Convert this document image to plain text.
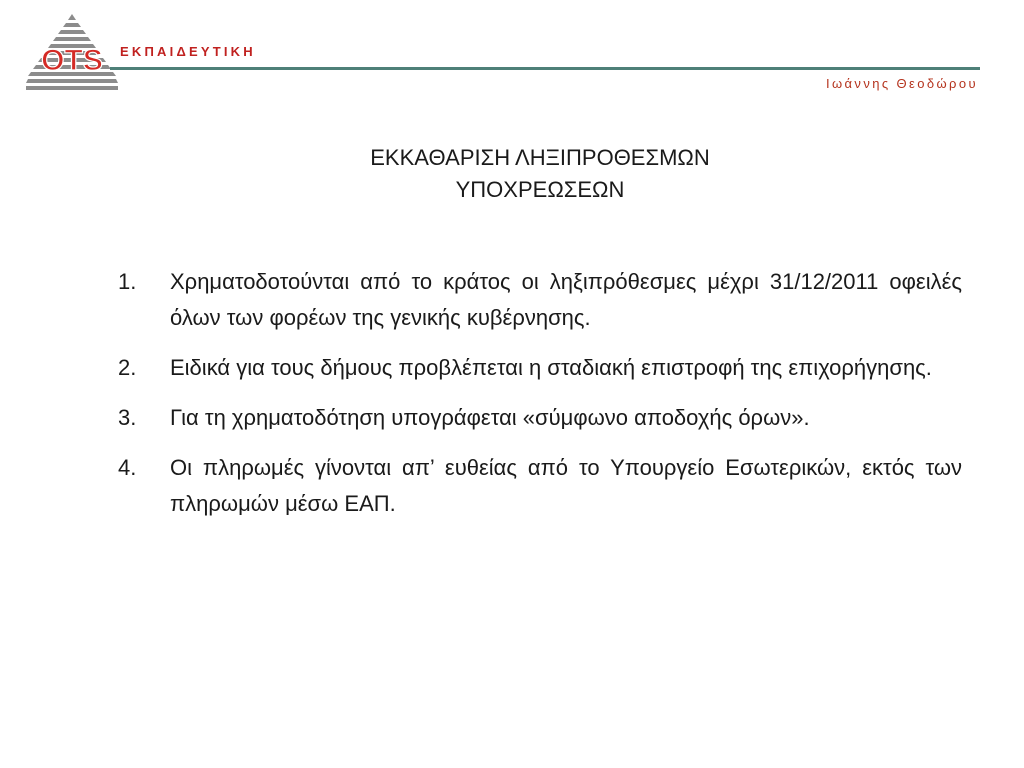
OTS ΕΚΠΑΙΔΕΥΤΙΚΗ
Ιωάννης Θεοδώρου
ΕΚΚΑΘΑΡΙΣΗ ΛΗΞΙΠΡΟΘΕΣΜΩΝ
ΥΠΟΧΡΕΩΣΕΩΝ
1. Χρηματοδοτούνται από το κράτος οι ληξιπρόθεσμες μέχρι 31/12/2011 οφειλές όλων των φορέων της γενικής κυβέρνησης.
2. Ειδικά για τους δήμους προβλέπεται η σταδιακή επιστροφή της επιχορήγησης.
3. Για τη χρηματοδότηση υπογράφεται «σύμφωνο αποδοχής όρων».
4. Οι πληρωμές γίνονται απ’ ευθείας από το Υπουργείο Εσωτερικών, εκτός των πληρωμών μέσω ΕΑΠ.
